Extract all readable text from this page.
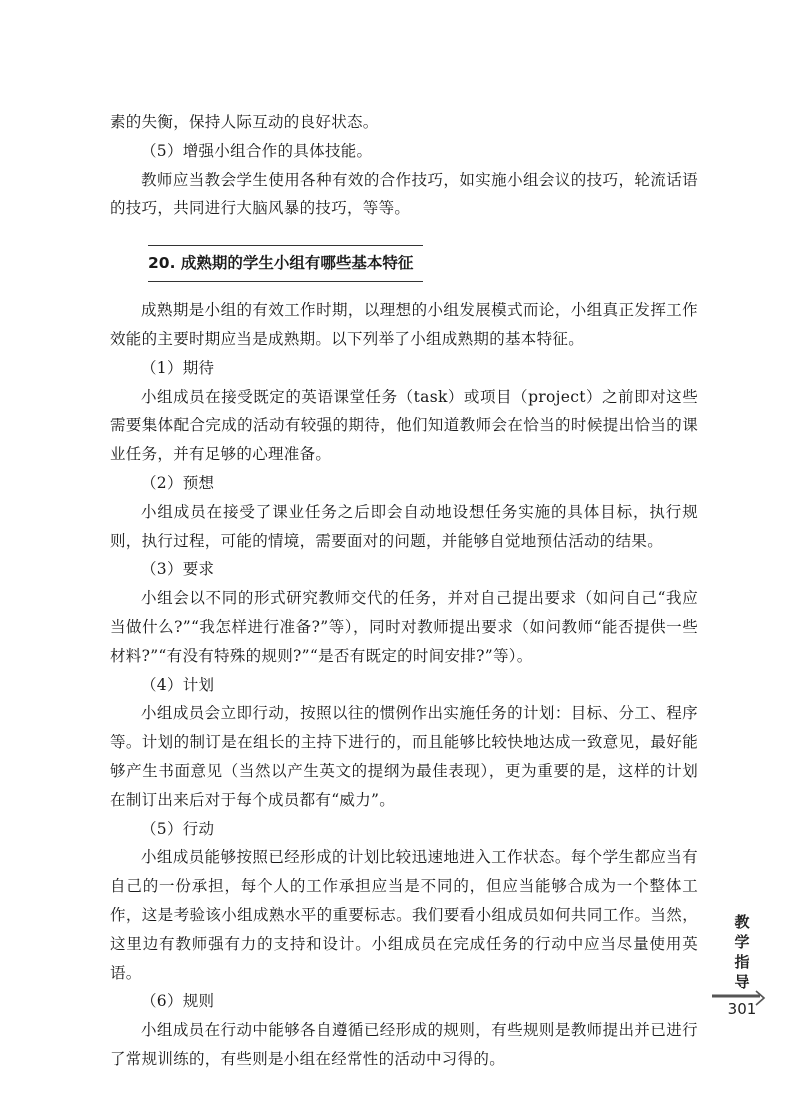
素的失衡，保持人际互动的良好状态。

（5）增强小组合作的具体技能。

教师应当教会学生使用各种有效的合作技巧，如实施小组会议的技巧，轮流话语的技巧，共同进行大脑风暴的技巧，等等。

20. 成熟期的学生小组有哪些基本特征

成熟期是小组的有效工作时期，以理想的小组发展模式而论，小组真正发挥工作效能的主要时期应当是成熟期。以下列举了小组成熟期的基本特征。

（1）期待

小组成员在接受既定的英语课堂任务（task）或项目（project）之前即对这些需要集体配合完成的活动有较强的期待，他们知道教师会在恰当的时候提出恰当的课业任务，并有足够的心理准备。

（2）预想

小组成员在接受了课业任务之后即会自动地设想任务实施的具体目标，执行规则，执行过程，可能的情境，需要面对的问题，并能够自觉地预估活动的结果。

（3）要求

小组会以不同的形式研究教师交代的任务，并对自己提出要求（如问自己“我应当做什么?”“我怎样进行准备?”等），同时对教师提出要求（如问教师“能否提供一些材料?”“有没有特殊的规则?”“是否有既定的时间安排?”等）。

（4）计划

小组成员会立即行动，按照以往的惯例作出实施任务的计划：目标、分工、程序等。计划的制订是在组长的主持下进行的，而且能够比较快地达成一致意见，最好能够产生书面意见（当然以产生英文的提纲为最佳表现），更为重要的是，这样的计划在制订出来后对于每个成员都有“威力”。

（5）行动

小组成员能够按照已经形成的计划比较迅速地进入工作状态。每个学生都应当有自己的一份承担，每个人的工作承担应当是不同的，但应当能够合成为一个整体工作，这是考验该小组成熟水平的重要标志。我们要看小组成员如何共同工作。当然，这里边有教师强有力的支持和设计。小组成员在完成任务的行动中应当尽量使用英语。

（6）规则

小组成员在行动中能够各自遵循已经形成的规则，有些规则是教师提出并已进行了常规训练的，有些则是小组在经常性的活动中习得的。

教
学
指
导
301
